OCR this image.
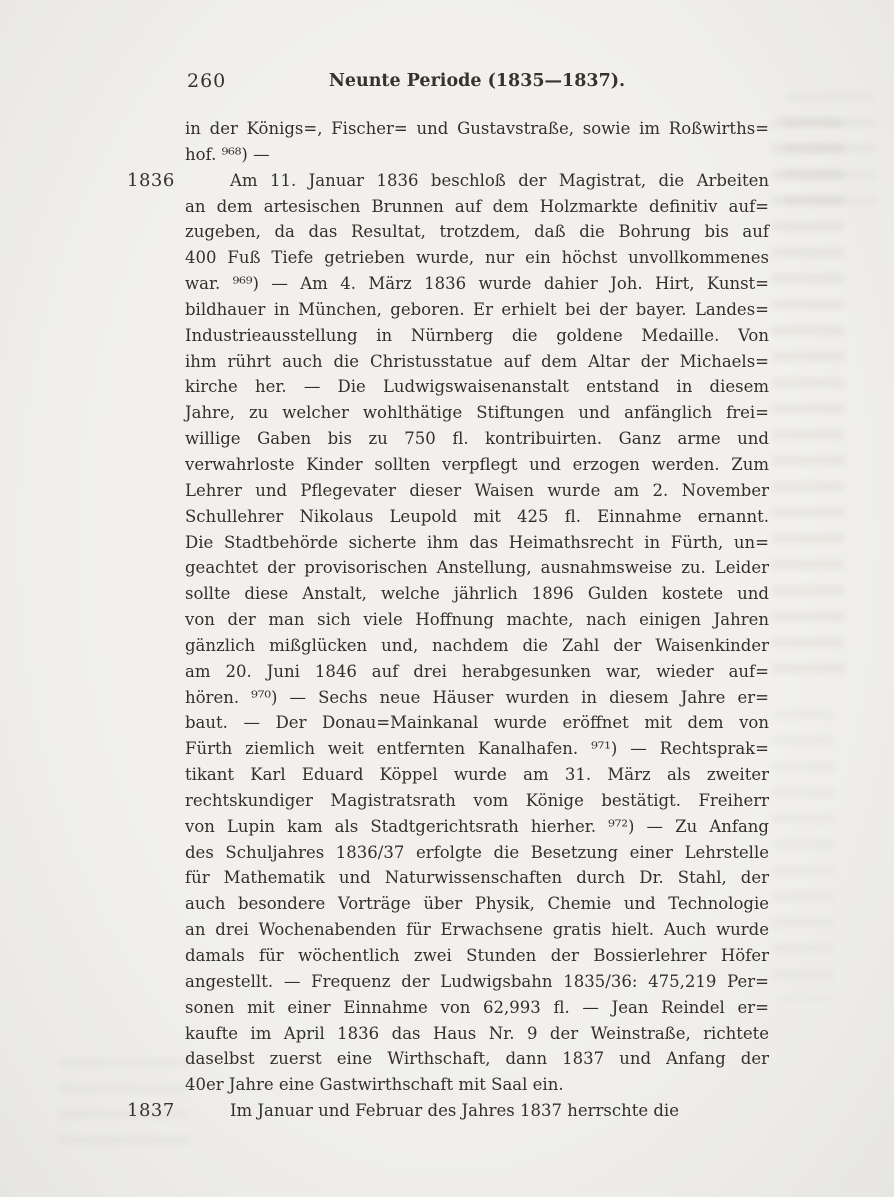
260	Neunte Periode (1835—1837).
in der Königs=, Fischer= und Gustavstraße, sowie im Roßwirths=
hof. ⁹⁶⁸) —
1836	Am 11. Januar 1836 beschloß der Magistrat, die Arbeiten
an dem artesischen Brunnen auf dem Holzmarkte definitiv auf=
zugeben, da das Resultat, trotzdem, daß die Bohrung bis auf
400 Fuß Tiefe getrieben wurde, nur ein höchst unvollkommenes
war. ⁹⁶⁹) — Am 4. März 1836 wurde dahier Joh. Hirt, Kunst=
bildhauer in München, geboren. Er erhielt bei der bayer. Landes=
Industrieausstellung in Nürnberg die goldene Medaille. Von
ihm rührt auch die Christusstatue auf dem Altar der Michaels=
kirche her. — Die Ludwigswaisenanstalt entstand in diesem
Jahre, zu welcher wohlthätige Stiftungen und anfänglich frei=
willige Gaben bis zu 750 fl. kontribuirten. Ganz arme und
verwahrloste Kinder sollten verpflegt und erzogen werden. Zum
Lehrer und Pflegevater dieser Waisen wurde am 2. November
Schullehrer Nikolaus Leupold mit 425 fl. Einnahme ernannt.
Die Stadtbehörde sicherte ihm das Heimathsrecht in Fürth, un=
geachtet der provisorischen Anstellung, ausnahmsweise zu. Leider
sollte diese Anstalt, welche jährlich 1896 Gulden kostete und
von der man sich viele Hoffnung machte, nach einigen Jahren
gänzlich mißglücken und, nachdem die Zahl der Waisenkinder
am 20. Juni 1846 auf drei herabgesunken war, wieder auf=
hören. ⁹⁷⁰) — Sechs neue Häuser wurden in diesem Jahre er=
baut. — Der Donau=Mainkanal wurde eröffnet mit dem von
Fürth ziemlich weit entfernten Kanalhafen. ⁹⁷¹) — Rechtsprak=
tikant Karl Eduard Köppel wurde am 31. März als zweiter
rechtskundiger Magistratsrath vom Könige bestätigt. Freiherr
von Lupin kam als Stadtgerichtsrath hierher. ⁹⁷²) — Zu Anfang
des Schuljahres 1836/37 erfolgte die Besetzung einer Lehrstelle
für Mathematik und Naturwissenschaften durch Dr. Stahl, der
auch besondere Vorträge über Physik, Chemie und Technologie
an drei Wochenabenden für Erwachsene gratis hielt. Auch wurde
damals für wöchentlich zwei Stunden der Bossierlehrer Höfer
angestellt. — Frequenz der Ludwigsbahn 1835/36: 475,219 Per=
sonen mit einer Einnahme von 62,993 fl. — Jean Reindel er=
kaufte im April 1836 das Haus Nr. 9 der Weinstraße, richtete
daselbst zuerst eine Wirthschaft, dann 1837 und Anfang der
40er Jahre eine Gastwirthschaft mit Saal ein.
1837	Im Januar und Februar des Jahres 1837 herrschte die
